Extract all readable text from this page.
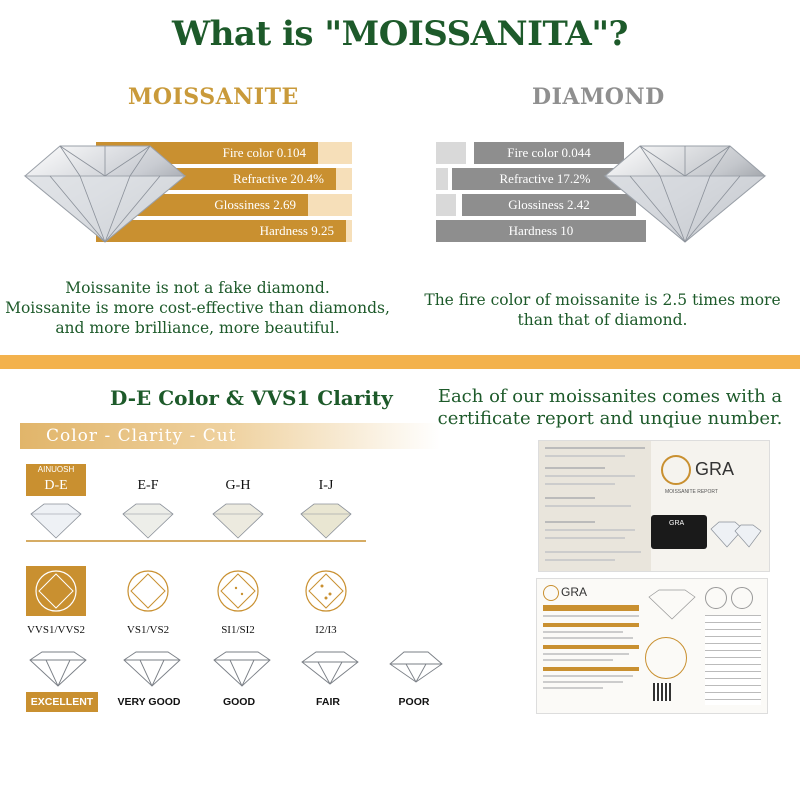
What is "MOISSANITA"?
MOISSANITE	DIAMOND
Fire color 0.104
Refractive 20.4%
Glossiness 2.69
Hardness 9.25
Fire color 0.044
Refractive 17.2%
Glossiness 2.42
Hardness 10
Moissanite is not a fake diamond.
Moissanite is more cost-effective than diamonds,
and more brilliance, more beautiful.
The fire color of moissanite is 2.5 times more
than that of diamond.
D-E Color & VVS1 Clarity
Color - Clarity - Cut
AINUOSH
D-E	E-F	G-H	I-J
VVS1/VVS2	VS1/VS2	SI1/SI2	I2/I3
EXCELLENT	VERY GOOD	GOOD	FAIR	POOR
Each of our moissanites comes with a
certificate report and unqiue number.
GRA
MOISSANITE REPORT
GRA
GRA
